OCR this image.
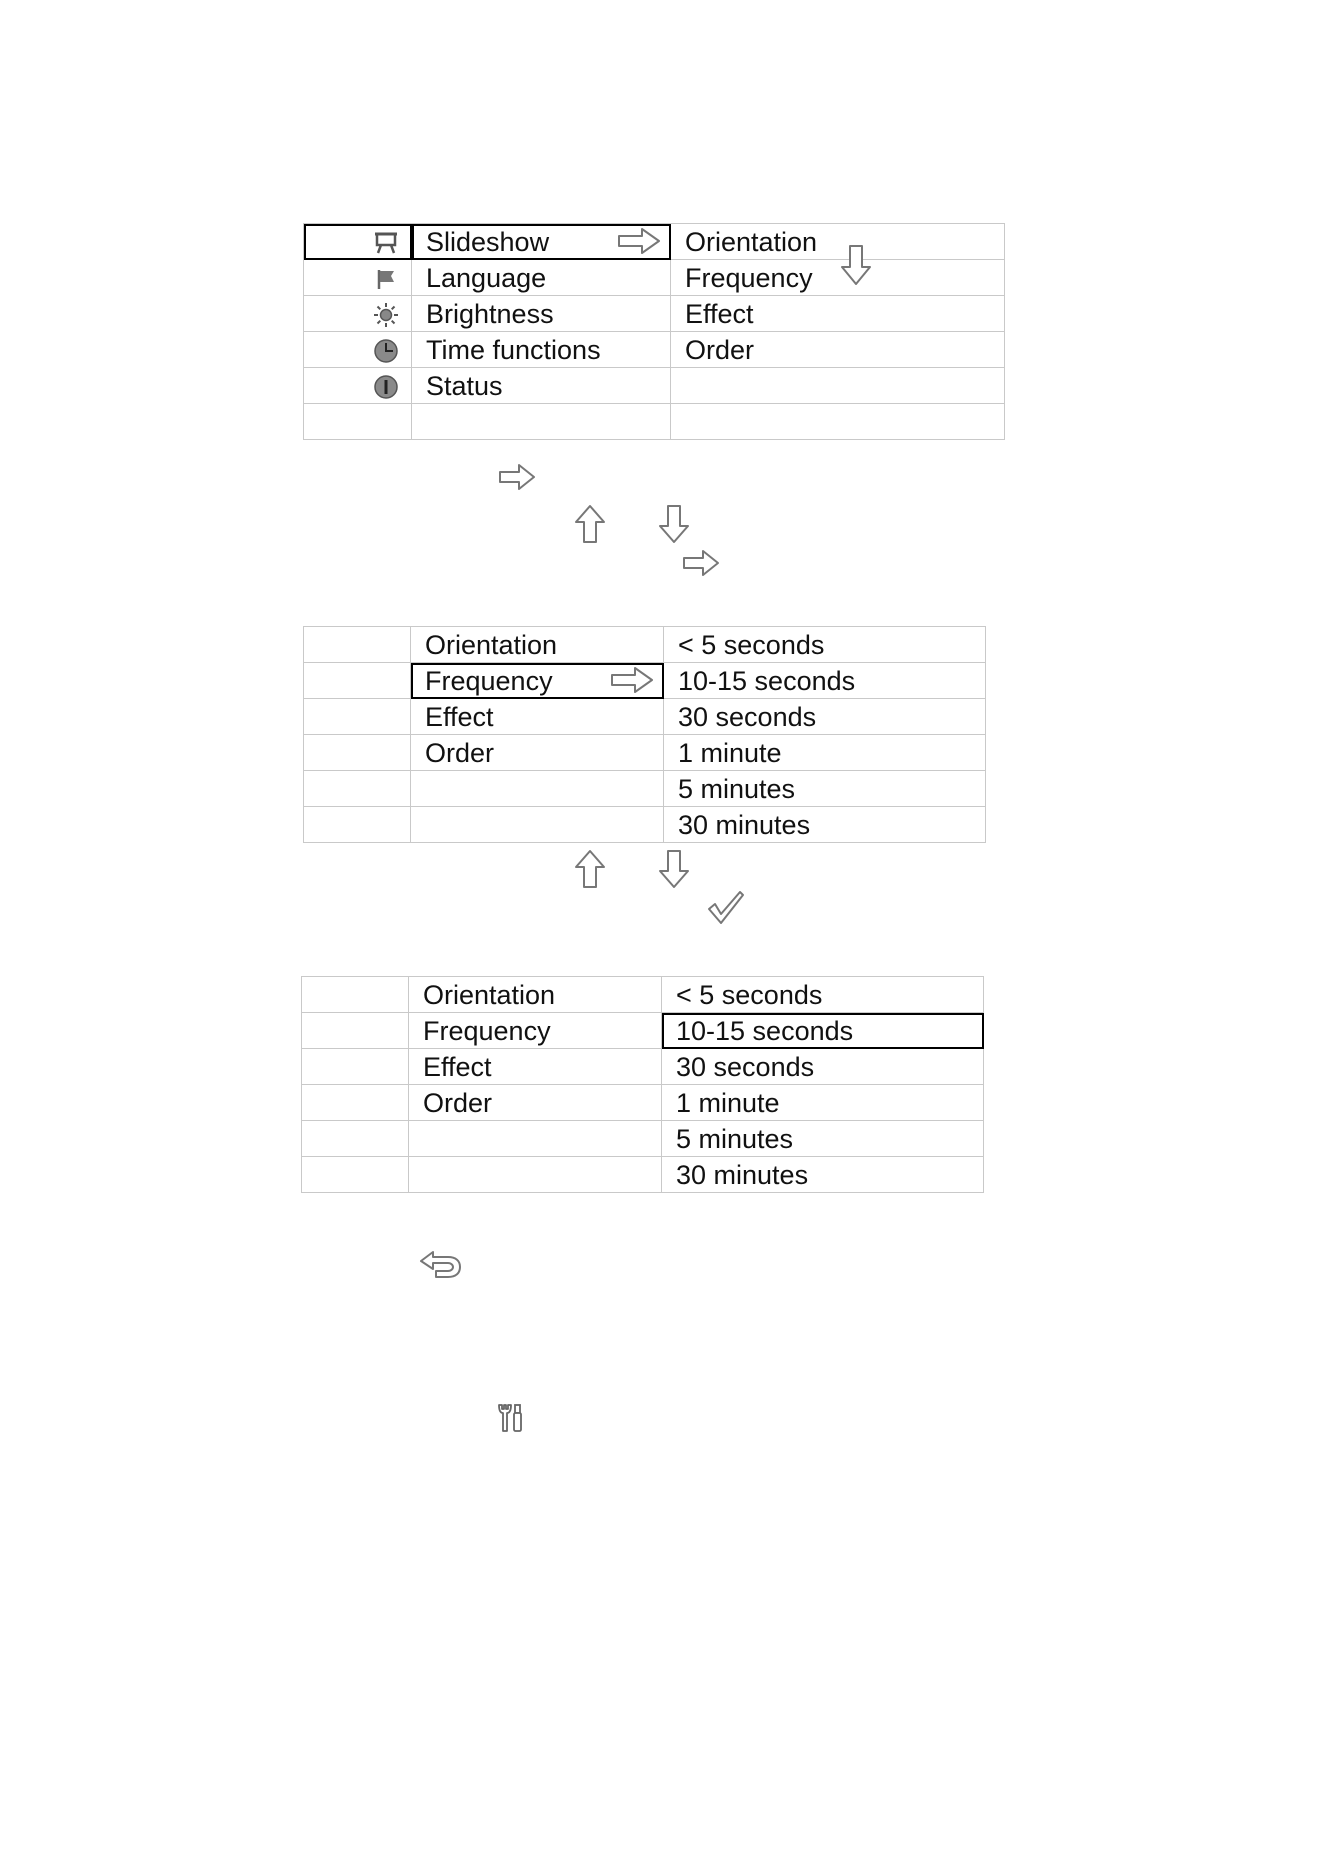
	Slideshow	Orientation
	Language	Frequency
	Brightness	Effect
	Time functions	Order
	Status	

	Orientation	< 5 seconds
	Frequency	10-15 seconds
	Effect	30 seconds
	Order	1 minute
		5 minutes
		30 minutes
	Orientation	< 5 seconds
	Frequency	10-15 seconds
	Effect	30 seconds
	Order	1 minute
		5 minutes
		30 minutes
